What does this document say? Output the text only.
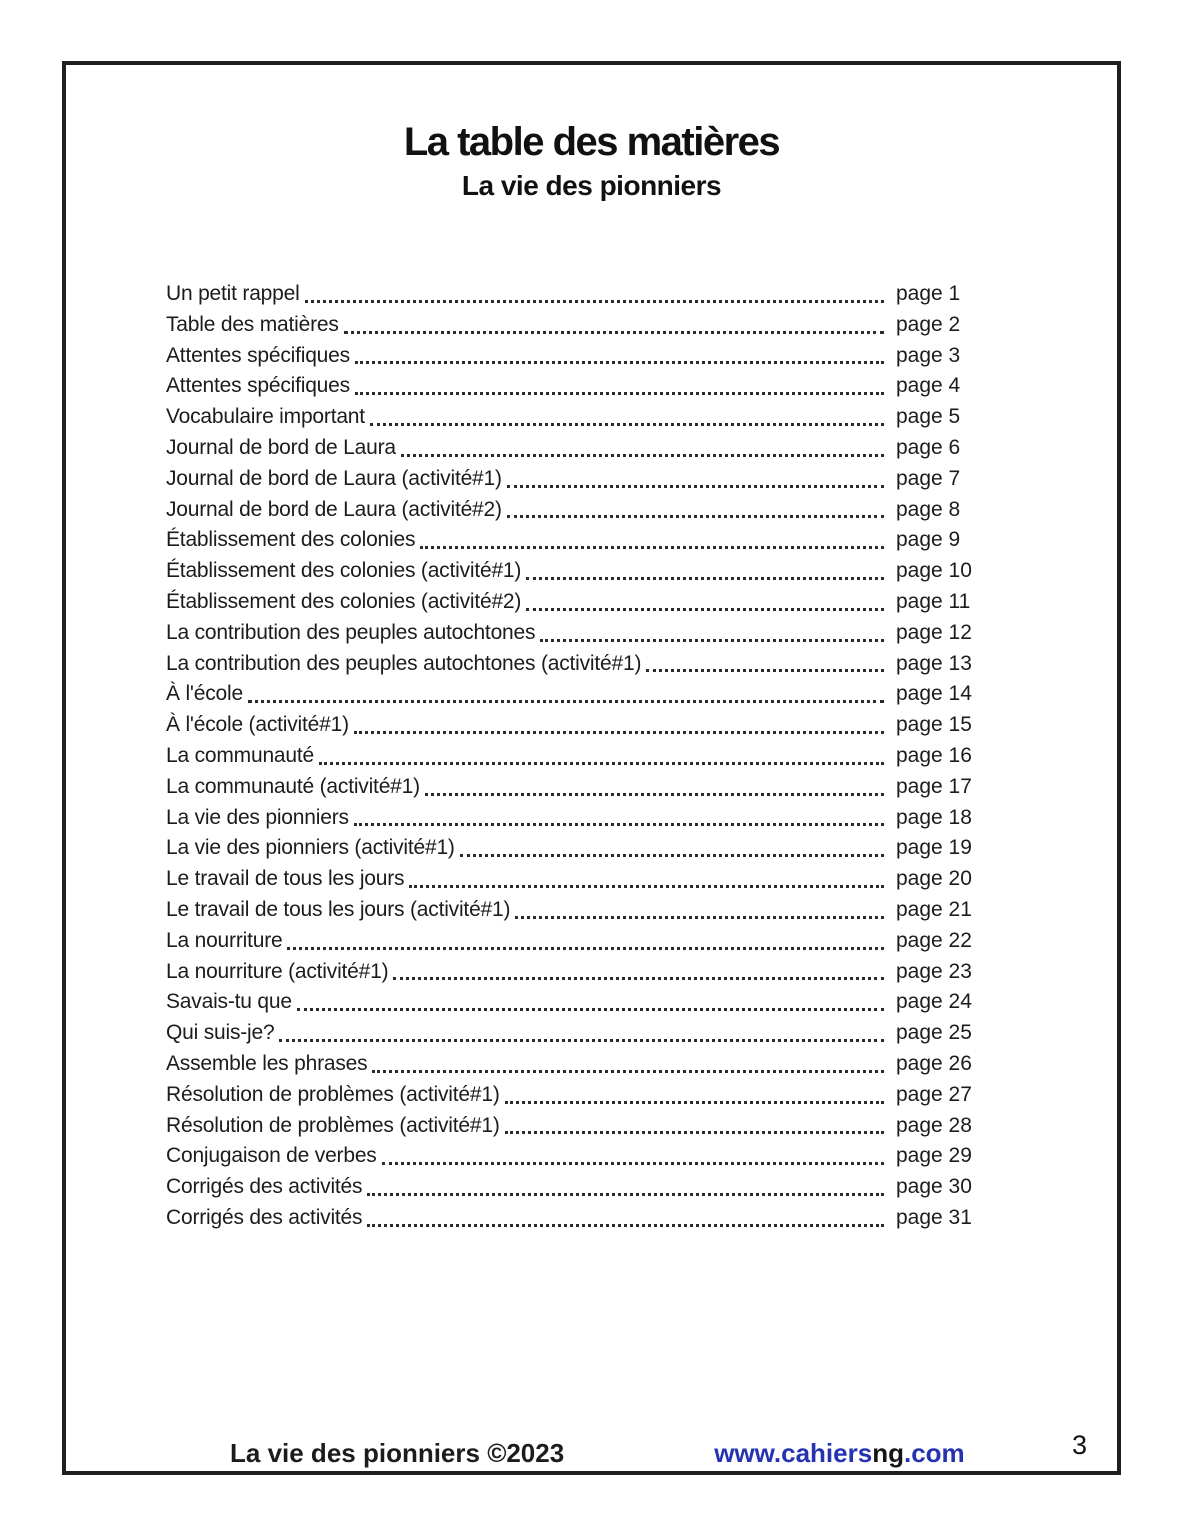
La table des matières
La vie des pionniers
Un petit rappel	page 1
Table des matières	page 2
Attentes spécifiques	page 3
Attentes spécifiques	page 4
Vocabulaire important	page 5
Journal de bord de Laura	page 6
Journal de bord de Laura (activité#1)	page 7
Journal de bord de Laura (activité#2)	page 8
Établissement des colonies	page 9
Établissement des colonies (activité#1)	page 10
Établissement des colonies (activité#2)	page 11
La contribution des peuples autochtones	page 12
La contribution des peuples autochtones (activité#1)	page 13
À l'école	page 14
À l'école (activité#1)	page 15
La communauté	page 16
La communauté (activité#1)	page 17
La vie des pionniers	page 18
La vie des pionniers (activité#1)	page 19
Le travail de tous les jours	page 20
Le travail de tous les jours (activité#1)	page 21
La nourriture	page 22
La nourriture (activité#1)	page 23
Savais-tu que	page 24
Qui suis-je?	page 25
Assemble les phrases	page 26
Résolution de problèmes (activité#1)	page 27
Résolution de problèmes (activité#1)	page 28
Conjugaison de verbes	page 29
Corrigés des activités	page 30
Corrigés des activités	page 31
La vie des pionniers ©2023	www.cahiersng.com	3
